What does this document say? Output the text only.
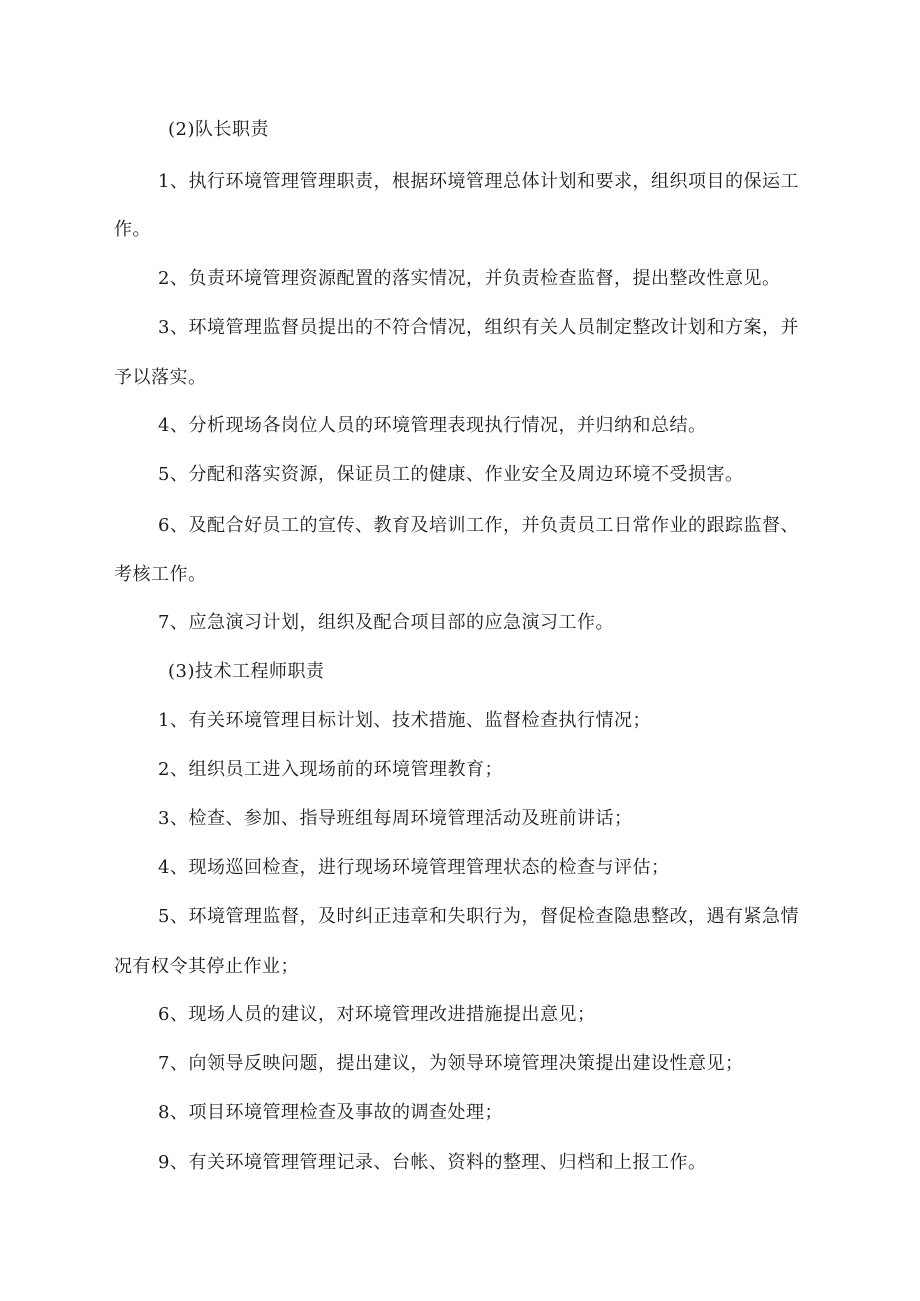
(2)队长职责
1、执行环境管理管理职责，根据环境管理总体计划和要求，组织项目的保运工
作。
2、负责环境管理资源配置的落实情况，并负责检查监督，提出整改性意见。
3、环境管理监督员提出的不符合情况，组织有关人员制定整改计划和方案，并
予以落实。
4、分析现场各岗位人员的环境管理表现执行情况，并归纳和总结。
5、分配和落实资源，保证员工的健康、作业安全及周边环境不受损害。
6、及配合好员工的宣传、教育及培训工作，并负责员工日常作业的跟踪监督、
考核工作。
7、应急演习计划，组织及配合项目部的应急演习工作。
(3)技术工程师职责
1、有关环境管理目标计划、技术措施、监督检查执行情况；
2、组织员工进入现场前的环境管理教育；
3、检查、参加、指导班组每周环境管理活动及班前讲话；
4、现场巡回检查，进行现场环境管理管理状态的检查与评估；
5、环境管理监督，及时纠正违章和失职行为，督促检查隐患整改，遇有紧急情
况有权令其停止作业；
6、现场人员的建议，对环境管理改进措施提出意见；
7、向领导反映问题，提出建议，为领导环境管理决策提出建设性意见；
8、项目环境管理检查及事故的调查处理；
9、有关环境管理管理记录、台帐、资料的整理、归档和上报工作。
